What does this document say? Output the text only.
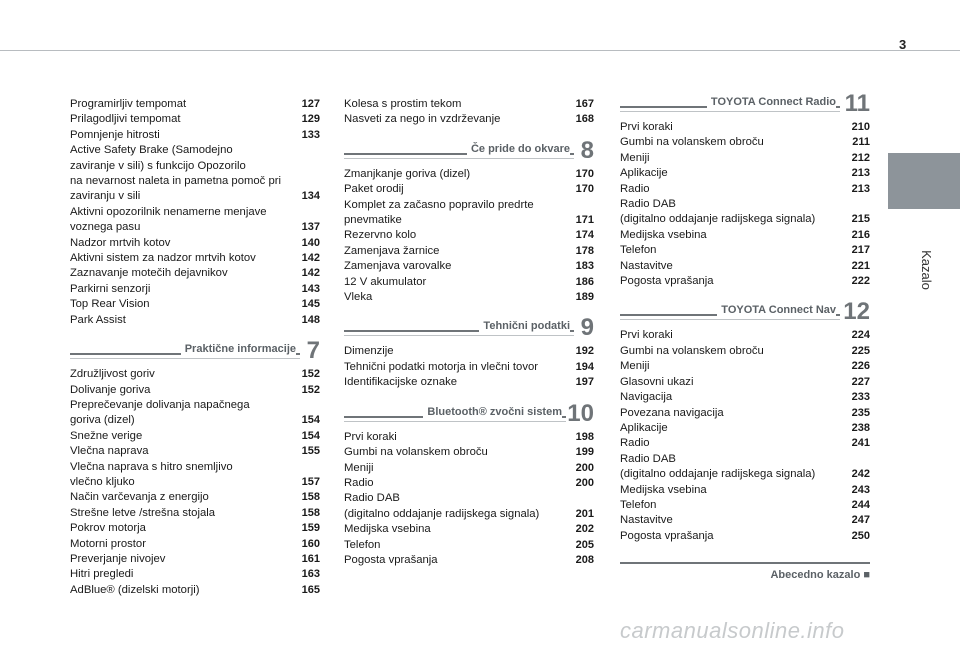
3
Kazalo
Programirljiv tempomat	127
Prilagodljivi tempomat	129
Pomnjenje hitrosti	133
Active Safety Brake (Samodejno
zaviranje v sili) s funkcijo Opozorilo
na nevarnost naleta in pametna pomoč pri
zaviranju v sili	134
Aktivni opozorilnik nenamerne menjave
voznega pasu	137
Nadzor mrtvih kotov	140
Aktivni sistem za nadzor mrtvih kotov	142
Zaznavanje motečih dejavnikov	142
Parkirni senzorji	143
Top Rear Vision	145
Park Assist	148
Praktične informacije 7
Združljivost goriv	152
Dolivanje goriva	152
Preprečevanje dolivanja napačnega
goriva (dizel)	154
Snežne verige	154
Vlečna naprava	155
Vlečna naprava s hitro snemljivo
vlečno kljuko	157
Način varčevanja z energijo	158
Strešne letve /strešna stojala	158
Pokrov motorja	159
Motorni prostor	160
Preverjanje nivojev	161
Hitri pregledi	163
AdBlue® (dizelski motorji)	165
Kolesa s prostim tekom	167
Nasveti za nego in vzdrževanje	168
Če pride do okvare 8
Zmanjkanje goriva (dizel)	170
Paket orodij	170
Komplet za začasno popravilo predrte
pnevmatike	171
Rezervno kolo	174
Zamenjava žarnice	178
Zamenjava varovalke	183
12 V akumulator	186
Vleka	189
Tehnični podatki 9
Dimenzije	192
Tehnični podatki motorja in vlečni tovor	194
Identifikacijske oznake	197
Bluetooth® zvočni sistem 10
Prvi koraki	198
Gumbi na volanskem obroču	199
Meniji	200
Radio	200
Radio DAB
(digitalno oddajanje radijskega signala)	201
Medijska vsebina	202
Telefon	205
Pogosta vprašanja	208
TOYOTA Connect Radio 11
Prvi koraki	210
Gumbi na volanskem obroču	211
Meniji	212
Aplikacije	213
Radio	213
Radio DAB
(digitalno oddajanje radijskega signala)	215
Medijska vsebina	216
Telefon	217
Nastavitve	221
Pogosta vprašanja	222
TOYOTA Connect Nav 12
Prvi koraki	224
Gumbi na volanskem obroču	225
Meniji	226
Glasovni ukazi	227
Navigacija	233
Povezana navigacija	235
Aplikacije	238
Radio	241
Radio DAB
(digitalno oddajanje radijskega signala)	242
Medijska vsebina	243
Telefon	244
Nastavitve	247
Pogosta vprašanja	250
Abecedno kazalo ■
carmanualsonline.info
